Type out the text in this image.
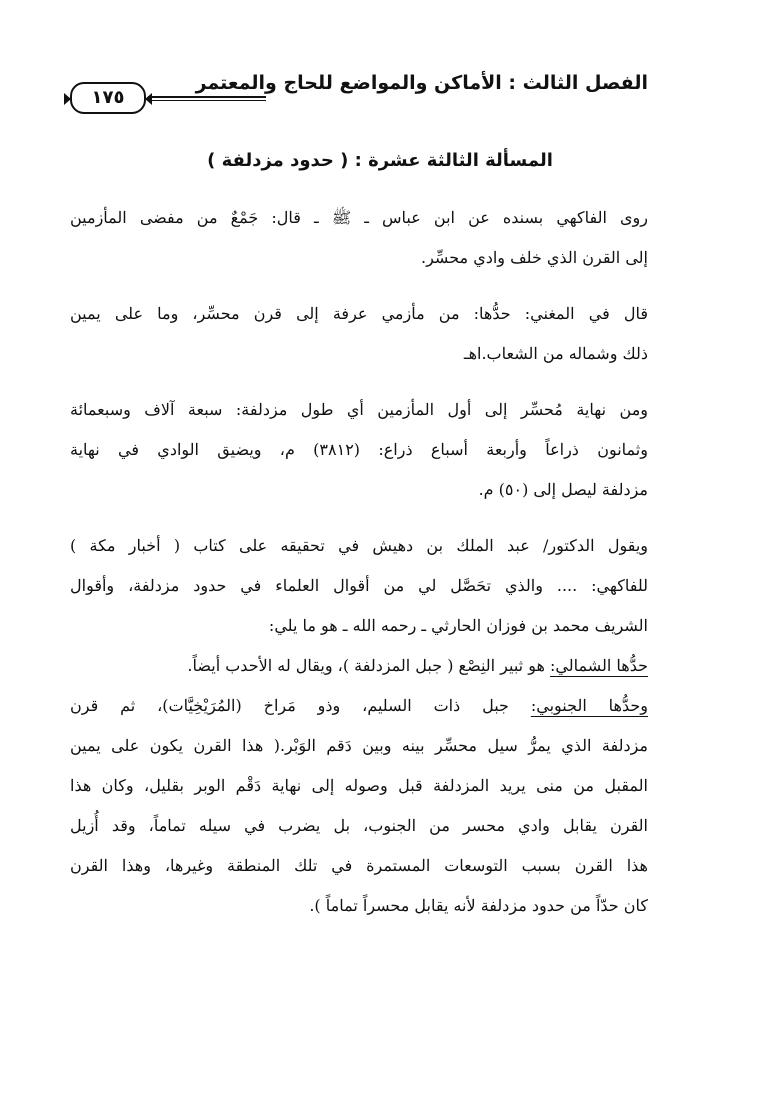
الفصل الثالث : الأماكن والمواضع للحاج والمعتمر
١٧٥
المسألة الثالثة عشرة : ( حدود مزدلفة )
روى الفاكهي بسنده عن ابن عباس ـ ﷺ ـ قال: جَمْعٌ من مفضى المأزمين
إلى القرن الذي خلف وادي محسِّر.
قال في المغني: حدُّها: من مأزمي عرفة إلى قرن محسِّر، وما على يمين
ذلك وشماله من الشعاب.اهـ
ومن نهاية مُحسِّر إلى أول المأزمين أي طول مزدلفة: سبعة آلاف وسبعمائة
وثمانون ذراعاً وأربعة أسباع ذراع: (٣٨١٢) م، ويضيق الوادي في نهاية
مزدلفة ليصل إلى (٥٠) م.
ويقول الدكتور/ عبد الملك بن دهيش في تحقيقه على كتاب ( أخبار مكة )
للفاكهي: .... والذي تحَصَّل لي من أقوال العلماء في حدود مزدلفة، وأقوال
الشريف محمد بن فوزان الحارثي ـ رحمه الله ـ هو ما يلي:
حدُّها الشمالي: هو ثبير النِصْع ( جبل المزدلفة )، ويقال له الأحدب أيضاً.
وحدُّها الجنوبي: جبل ذات السليم، وذو مَراخ (المُرَيْخِيَّات)، ثم قرن
مزدلفة الذي يمرُّ سيل محسِّر بينه وبين دَقم الوَبْر.( هذا القرن يكون على يمين
المقبل من منى يريد المزدلفة قبل وصوله إلى نهاية دَقْم الوبر بقليل، وكان هذا
القرن يقابل وادي محسر من الجنوب، بل يضرب في سيله تماماً، وقد أُزيل
هذا القرن بسبب التوسعات المستمرة في تلك المنطقة وغيرها، وهذا القرن
كان حدّاً من حدود مزدلفة لأنه يقابل محسراً تماماً ).
